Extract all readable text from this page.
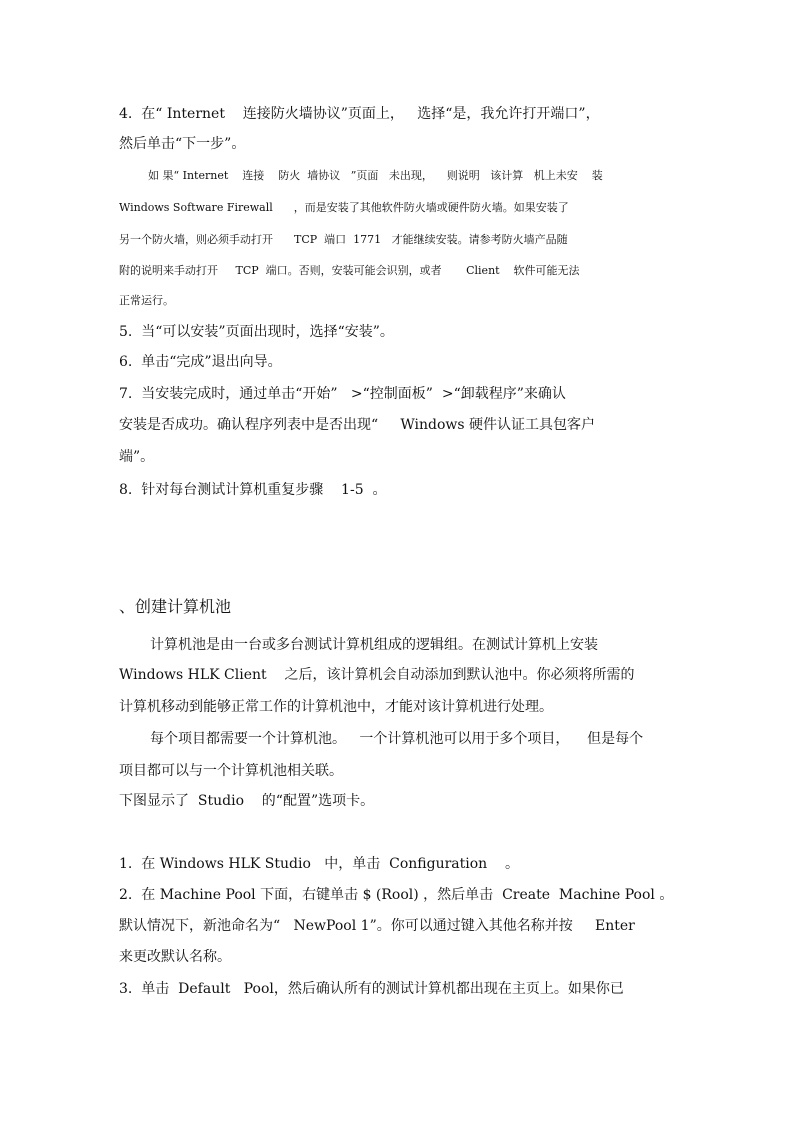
4.  在“ Internet    连接防火墙协议”页面上，   选择“是，我允许打开端口”，
然后单击“下一步”。
如 果“ Internet    连接    防火  墙协议   ”页面   未出现，    则说明   该计算   机上未安    装
Windows Software Firewall      ，而是安装了其他软件防火墙或硬件防火墙。如果安装了
另一个防火墙，则必须手动打开      TCP  端口  1771   才能继续安装。请参考防火墙产品随
附的说明来手动打开     TCP  端口。否则，安装可能会识别，或者       Client    软件可能无法
正常运行。
5.  当“可以安装”页面出现时，选择“安装”。
6.  单击“完成”退出向导。
7.  当安装完成时，通过单击“开始”   >“控制面板”  >“卸载程序”来确认
安装是否成功。确认程序列表中是否出现“     Windows 硬件认证工具包客户
端”。
8.  针对每台测试计算机重复步骤    1-5  。
、创建计算机池
计算机池是由一台或多台测试计算机组成的逻辑组。在测试计算机上安装
Windows HLK Client    之后，该计算机会自动添加到默认池中。你必须将所需的
计算机移动到能够正常工作的计算机池中，才能对该计算机进行处理。
每个项目都需要一个计算机池。   一个计算机池可以用于多个项目，    但是每个
项目都可以与一个计算机池相关联。
下图显示了  Studio    的“配置”选项卡。
1.  在 Windows HLK Studio   中，单击  Configuration    。
2.  在 Machine Pool 下面，右键单击 $ (Rool) ，然后单击  Create  Machine Pool 。
默认情况下，新池命名为“   NewPool 1”。你可以通过键入其他名称并按     Enter
来更改默认名称。
3.  单击  Default   Pool，然后确认所有的测试计算机都出现在主页上。如果你已
